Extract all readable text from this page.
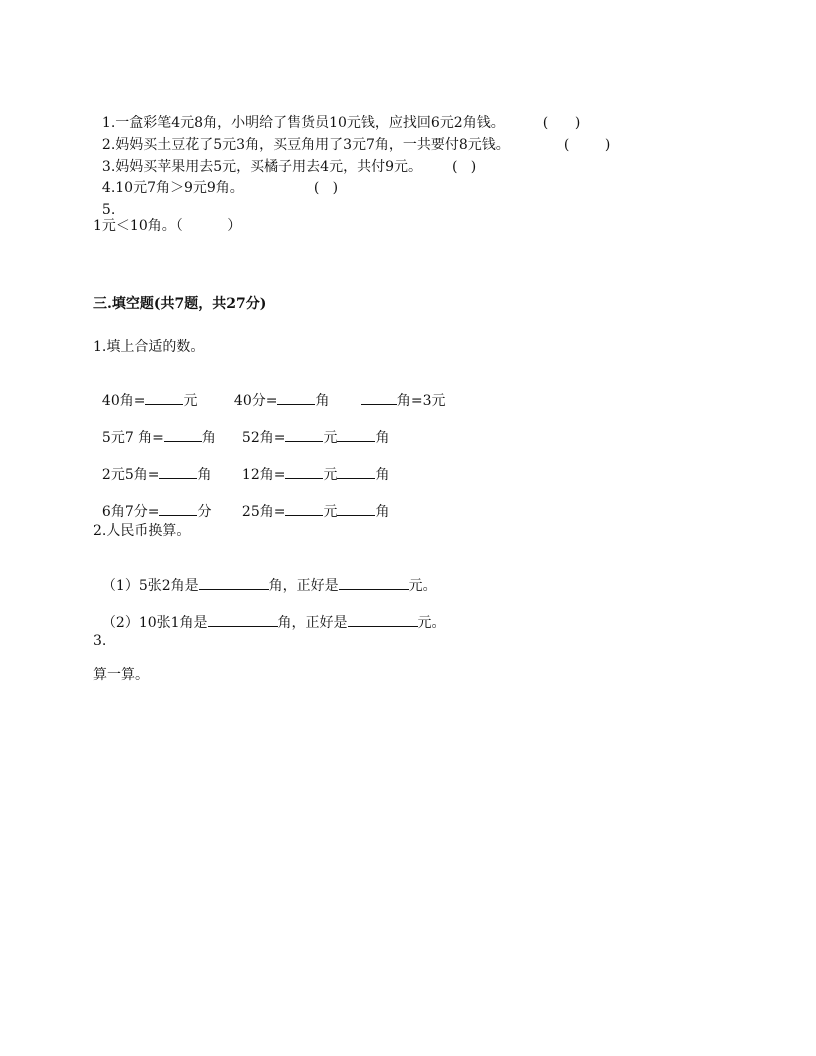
1.一盒彩笔4元8角，小明给了售货员10元钱，应找回6元2角钱。	(      )

2.妈妈买土豆花了5元3角，买豆角用了3元7角，一共要付8元钱。	(        )

3.妈妈买苹果用去5元，买橘子用去4元，共付9元。 (   )

4.10元7角＞9元9角。	(   )

5.

1元＜10角。（          ）
三.填空题(共7题，共27分)
1.填上合适的数。

40角=	元	40分=	角	角=3元

5元7 角=	角 52角=	元	角

2元5角=	角 12角=	元	角

6角7分=	分 25角=	元	角

2.人民币换算。

（1）5张2角是	角，正好是	元。

（2）10张1角是	角，正好是	元。

3.
算一算。
